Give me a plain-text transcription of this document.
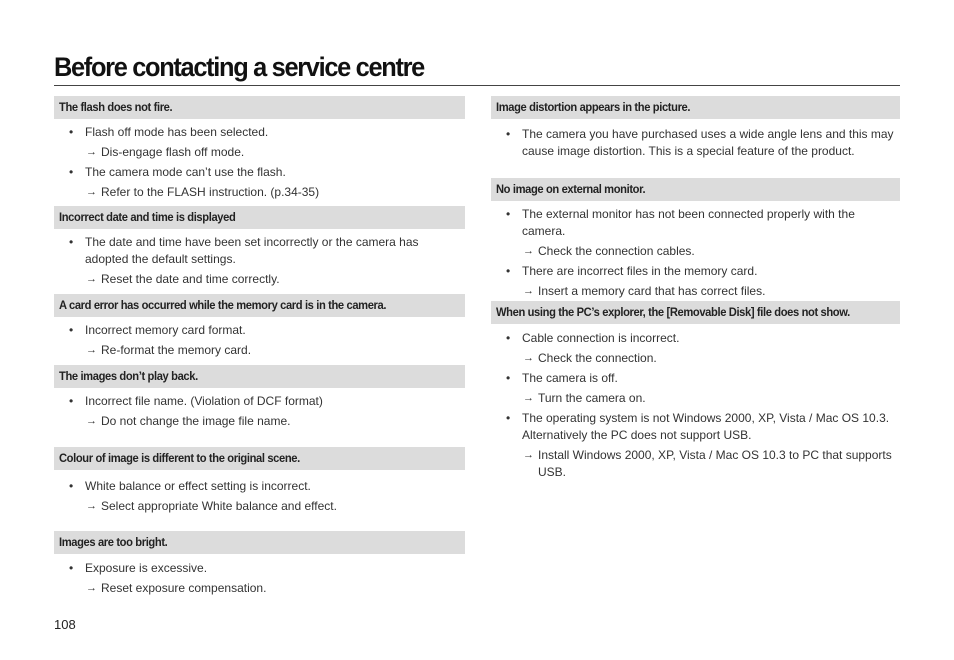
Before contacting a service centre
The flash does not fire.
• Flash off mode has been selected.
→ Dis-engage flash off mode.
• The camera mode can’t use the flash.
→ Refer to the FLASH instruction. (p.34-35)
Incorrect date and time is displayed
• The date and time have been set incorrectly or the camera has adopted the default settings.
→ Reset the date and time correctly.
A card error has occurred while the memory card is in the camera.
• Incorrect memory card format.
→ Re-format the memory card.
The images don’t play back.
• Incorrect file name. (Violation of DCF format)
→ Do not change the image file name.
Colour of image is different to the original scene.
• White balance or effect setting is incorrect.
→ Select appropriate White balance and effect.
Images are too bright.
• Exposure is excessive.
→ Reset exposure compensation.
Image distortion appears in the picture.
• The camera you have purchased uses a wide angle lens and this may cause image distortion. This is a special feature of the product.
No image on external monitor.
• The external monitor has not been connected properly with the camera.
→ Check the connection cables.
• There are incorrect files in the memory card.
→ Insert a memory card that has correct files.
When using the PC’s explorer, the [Removable Disk] file does not show.
• Cable connection is incorrect.
→ Check the connection.
• The camera is off.
→ Turn the camera on.
• The operating system is not Windows 2000, XP, Vista / Mac OS 10.3. Alternatively the PC does not support USB.
→ Install Windows 2000, XP, Vista / Mac OS 10.3 to PC that supports USB.
108
